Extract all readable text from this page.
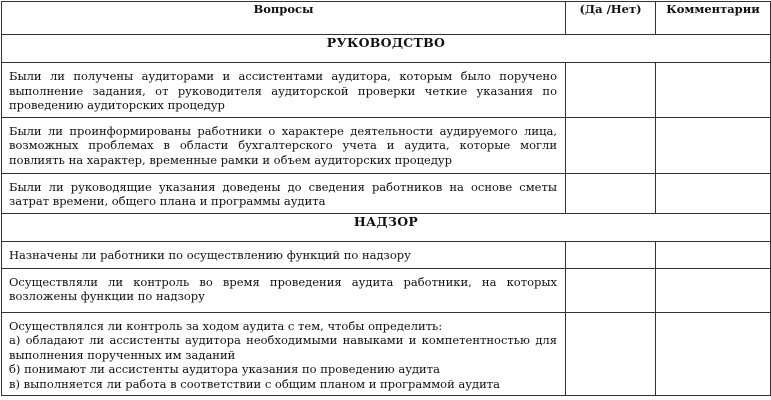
Вопросы	(Да /Нет)	Комментарии
РУКОВОДСТВО		
Были ли получены аудиторами и ассистентами аудитора, которым было поручено выполнение задания, от руководителя аудиторской проверки четкие указания по проведению аудиторских процедур		
Были ли проинформированы работники о характере деятельности аудируемого лица, возможных проблемах в области бухгалтерского учета и аудита, которые могли повлиять на характер, временные рамки и объем аудиторских процедур		
Были ли руководящие указания доведены до сведения работников на основе сметы затрат времени, общего плана и программы аудита		
НАДЗОР		
Назначены ли работники по осуществлению функций по надзору		
Осуществляли ли контроль во время проведения аудита работники, на которых возложены функции по надзору		

Осуществлялся ли контроль за ходом аудита с тем, чтобы определить:
а) обладают ли ассистенты аудитора необходимыми навыками и компетентностью для выполнения порученных им заданий
б) понимают ли ассистенты аудитора указания по проведению аудита
в) выполняется ли работа в соответствии с общим планом и программой аудита		
